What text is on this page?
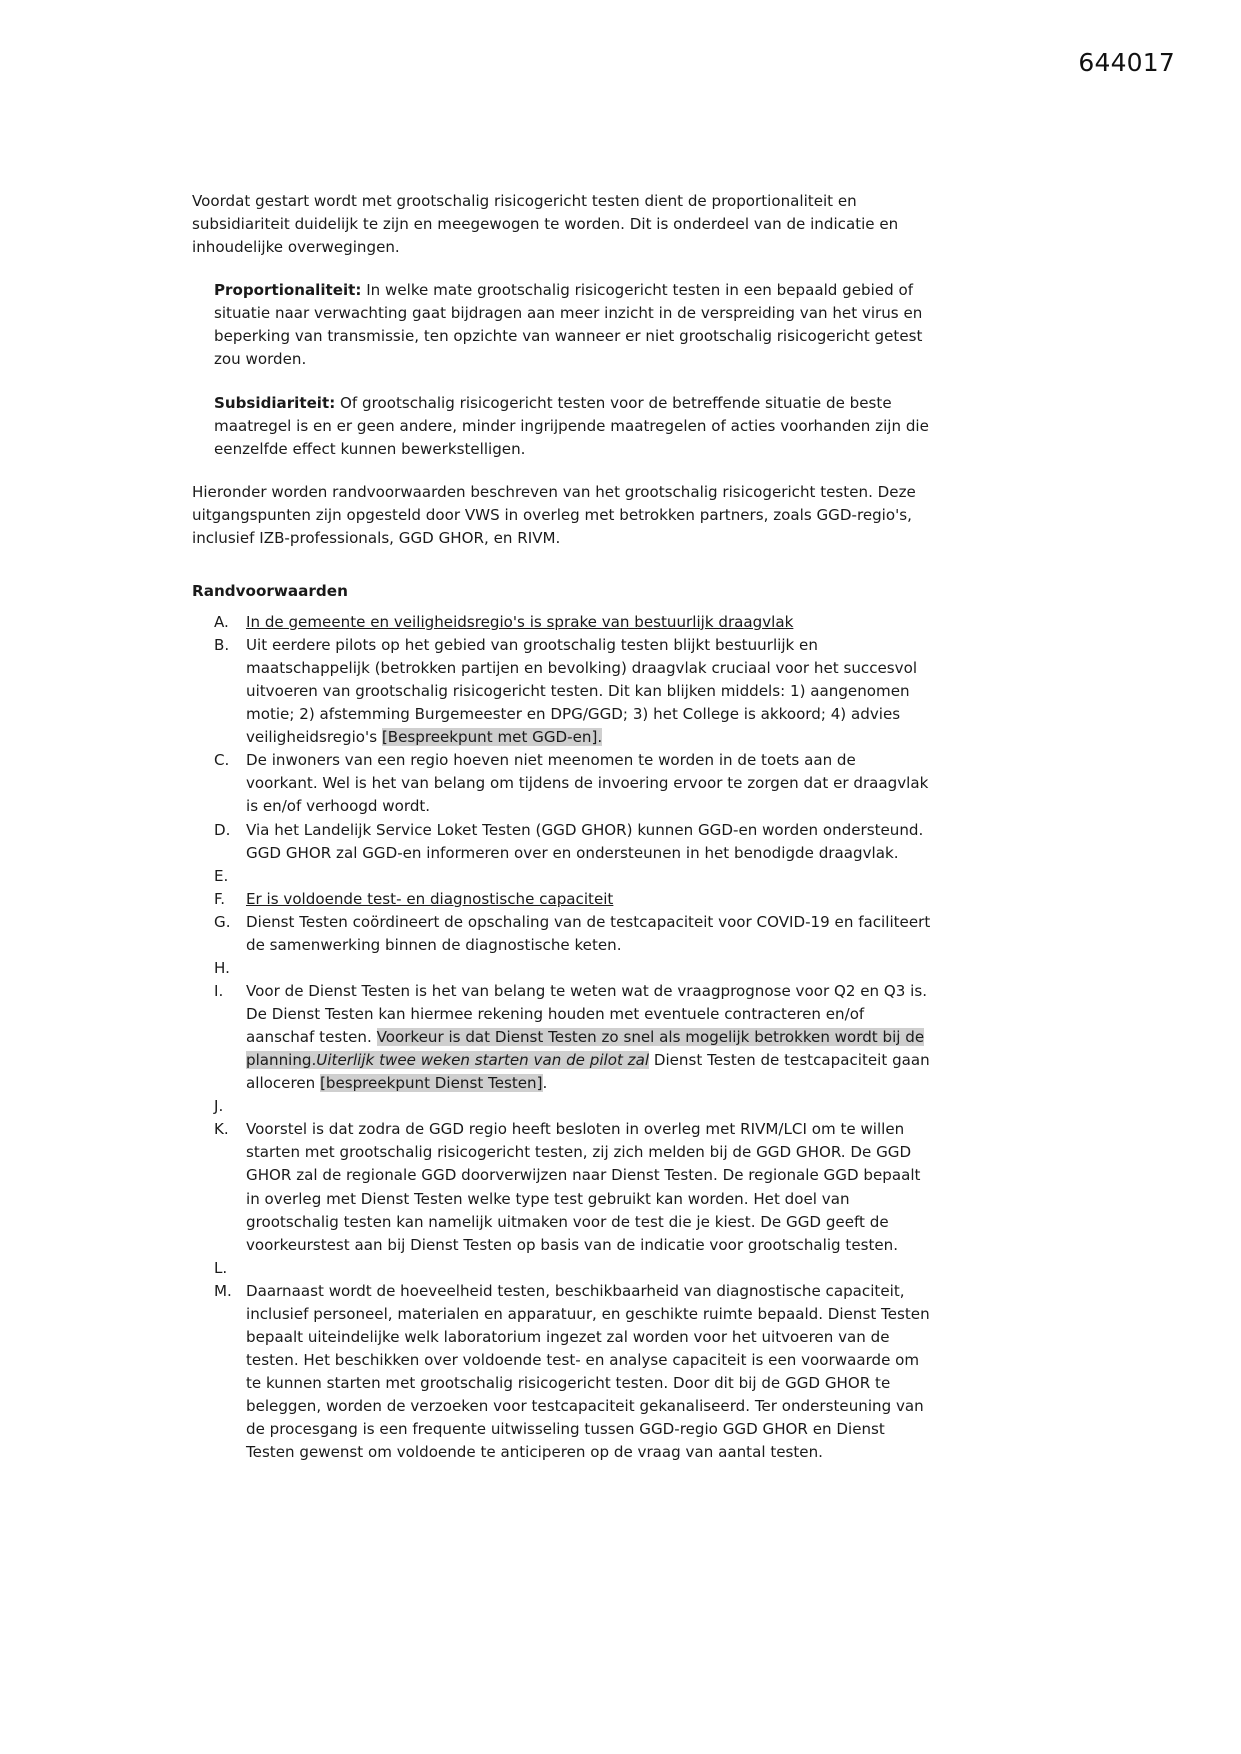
644017

Voordat gestart wordt met grootschalig risicogericht testen dient de proportionaliteit en subsidiariteit duidelijk te zijn en meegewogen te worden. Dit is onderdeel van de indicatie en inhoudelijke overwegingen.

Proportionaliteit: In welke mate grootschalig risicogericht testen in een bepaald gebied of situatie naar verwachting gaat bijdragen aan meer inzicht in de verspreiding van het virus en beperking van transmissie, ten opzichte van wanneer er niet grootschalig risicogericht getest zou worden.

Subsidiariteit: Of grootschalig risicogericht testen voor de betreffende situatie de beste maatregel is en er geen andere, minder ingrijpende maatregelen of acties voorhanden zijn die eenzelfde effect kunnen bewerkstelligen.

Hieronder worden randvoorwaarden beschreven van het grootschalig risicogericht testen. Deze uitgangspunten zijn opgesteld door VWS in overleg met betrokken partners, zoals GGD-regio's, inclusief IZB-professionals, GGD GHOR, en RIVM.

Randvoorwaarden
A.	In de gemeente en veiligheidsregio's is sprake van bestuurlijk draagvlak
B.	Uit eerdere pilots op het gebied van grootschalig testen blijkt bestuurlijk en maatschappelijk (betrokken partijen en bevolking) draagvlak cruciaal voor het succesvol uitvoeren van grootschalig risicogericht testen. Dit kan blijken middels: 1) aangenomen motie; 2) afstemming Burgemeester en DPG/GGD; 3) het College is akkoord; 4) advies veiligheidsregio's [Bespreekpunt met GGD-en].
C.	De inwoners van een regio hoeven niet meenomen te worden in de toets aan de voorkant. Wel is het van belang om tijdens de invoering ervoor te zorgen dat er draagvlak is en/of verhoogd wordt.
D.	Via het Landelijk Service Loket Testen (GGD GHOR) kunnen GGD-en worden ondersteund. GGD GHOR zal GGD-en informeren over en ondersteunen in het benodigde draagvlak.
E.
F.	Er is voldoende test- en diagnostische capaciteit
G.	Dienst Testen coördineert de opschaling van de testcapaciteit voor COVID-19 en faciliteert de samenwerking binnen de diagnostische keten.
H.
I.	Voor de Dienst Testen is het van belang te weten wat de vraagprognose voor Q2 en Q3 is. De Dienst Testen kan hiermee rekening houden met eventuele contracteren en/of aanschaf testen. Voorkeur is dat Dienst Testen zo snel als mogelijk betrokken wordt bij de planning.Uiterlijk twee weken starten van de pilot zal Dienst Testen de testcapaciteit gaan alloceren [bespreekpunt Dienst Testen].
J.
K.	Voorstel is dat zodra de GGD regio heeft besloten in overleg met RIVM/LCI om te willen starten met grootschalig risicogericht testen, zij zich melden bij de GGD GHOR. De GGD GHOR zal de regionale GGD doorverwijzen naar Dienst Testen. De regionale GGD bepaalt in overleg met Dienst Testen welke type test gebruikt kan worden. Het doel van grootschalig testen kan namelijk uitmaken voor de test die je kiest. De GGD geeft de voorkeurstest aan bij Dienst Testen op basis van de indicatie voor grootschalig testen.
L.
M. Daarnaast wordt de hoeveelheid testen, beschikbaarheid van diagnostische capaciteit, inclusief personeel, materialen en apparatuur, en geschikte ruimte bepaald. Dienst Testen bepaalt uiteindelijke welk laboratorium ingezet zal worden voor het uitvoeren van de testen. Het beschikken over voldoende test- en analyse capaciteit is een voorwaarde om te kunnen starten met grootschalig risicogericht testen. Door dit bij de GGD GHOR te beleggen, worden de verzoeken voor testcapaciteit gekanaliseerd. Ter ondersteuning van de procesgang is een frequente uitwisseling tussen GGD-regio GGD GHOR en Dienst Testen gewenst om voldoende te anticiperen op de vraag van aantal testen.
